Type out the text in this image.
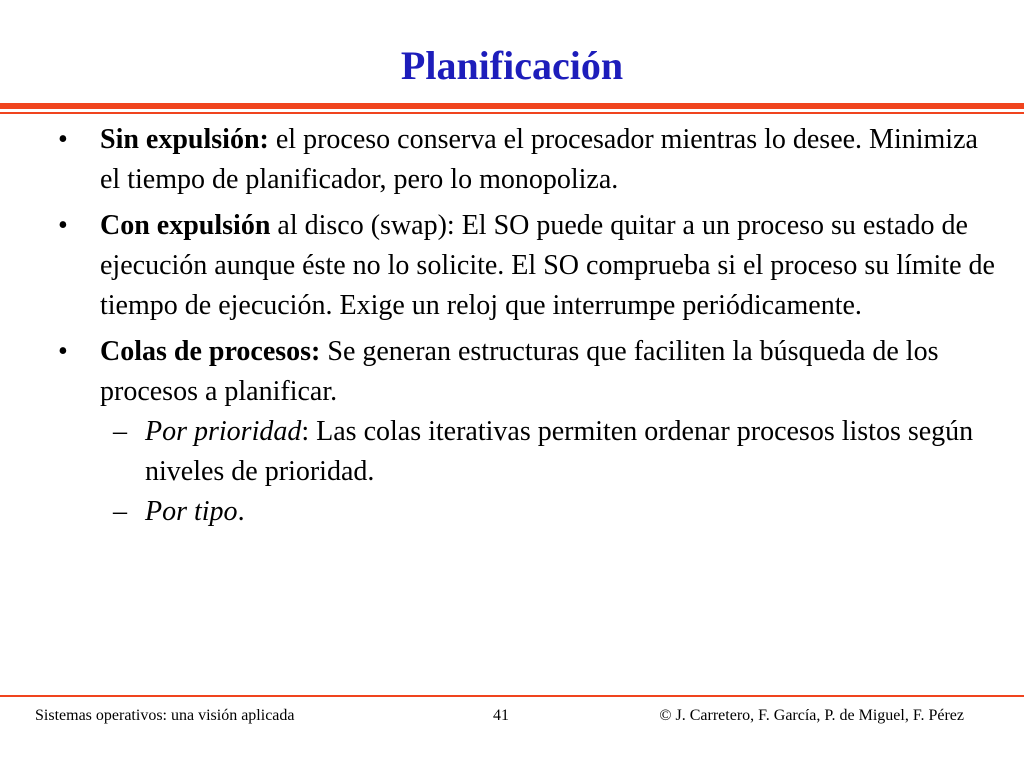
Planificación
• Sin expulsión: el proceso conserva el procesador mientras lo desee. Minimiza el tiempo de planificador, pero lo monopoliza.
• Con expulsión al disco (swap): El SO puede quitar a un proceso su estado de ejecución aunque éste no lo solicite. El SO comprueba si el proceso su límite de tiempo de ejecución. Exige un reloj que interrumpe periódicamente.
• Colas de procesos: Se generan estructuras que faciliten la búsqueda de los procesos a planificar.
– Por prioridad: Las colas iterativas permiten ordenar procesos listos según niveles de prioridad.
– Por tipo.
Sistemas operativos: una visión aplicada	41	© J. Carretero, F. García, P. de Miguel, F. Pérez
